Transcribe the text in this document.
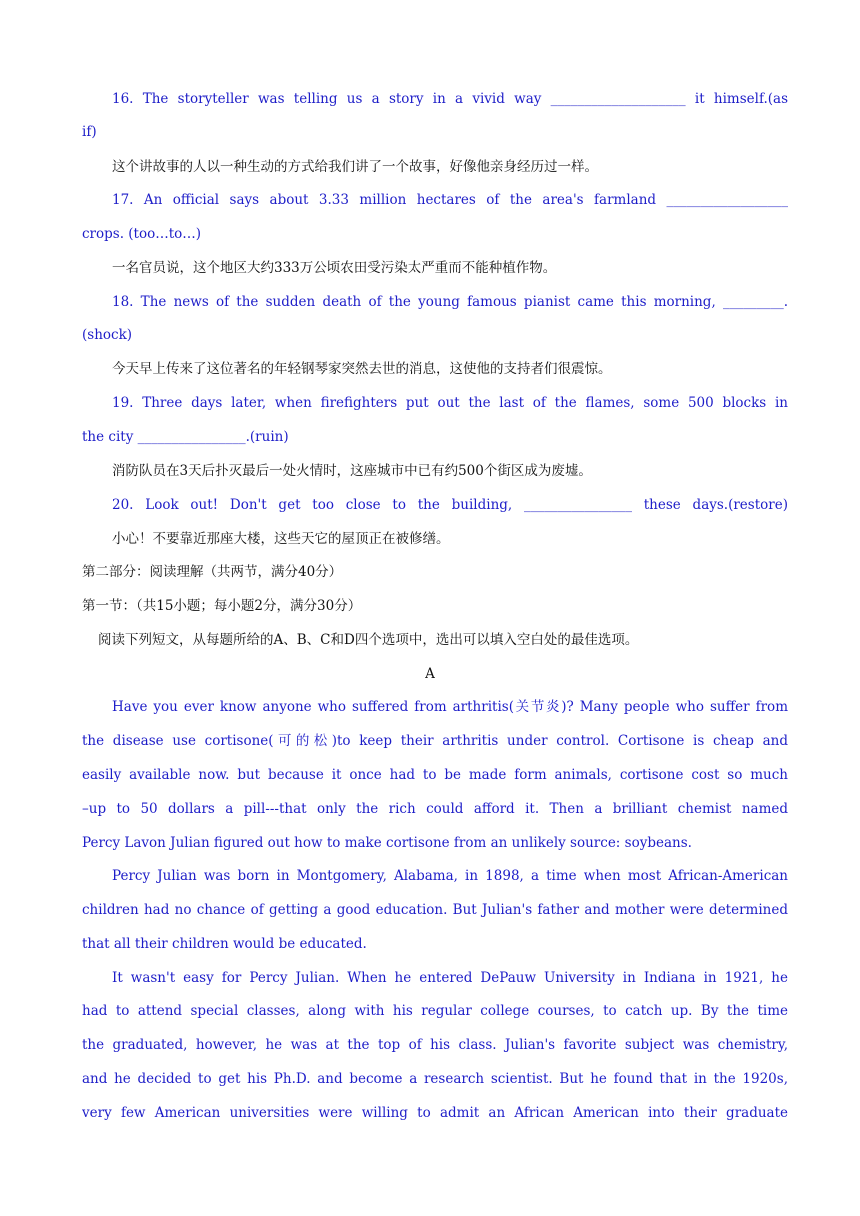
16. The storyteller was telling us a story in a vivid way ____________________ it himself.(as
if)
这个讲故事的人以一种生动的方式给我们讲了一个故事，好像他亲身经历过一样。
17. An official says about 3.33 million hectares of the area's farmland __________________
crops. (too…to…)
一名官员说，这个地区大约333万公顷农田受污染太严重而不能种植作物。
18. The news of the sudden death of the young famous pianist came this morning, _________.
(shock)
今天早上传来了这位著名的年轻钢琴家突然去世的消息，这使他的支持者们很震惊。
19. Three days later, when firefighters put out the last of the flames, some 500 blocks in
the city ________________.(ruin)
消防队员在3天后扑灭最后一处火情时，这座城市中已有约500个街区成为废墟。
20. Look out! Don't get too close to the building, ________________ these days.(restore)
小心！不要靠近那座大楼，这些天它的屋顶正在被修缮。
第二部分：阅读理解（共两节，满分40分）
第一节：（共15小题；每小题2分，满分30分）
阅读下列短文，从每题所给的A、B、C和D四个选项中，选出可以填入空白处的最佳选项。
A
Have you ever know anyone who suffered from arthritis(关节炎)? Many people who suffer from
the disease use cortisone(可的松)to keep their arthritis under control. Cortisone is cheap and
easily available now. but because it once had to be made form animals, cortisone cost so much
–up to 50 dollars a pill---that only the rich could afford it. Then a brilliant chemist named
Percy Lavon Julian figured out how to make cortisone from an unlikely source: soybeans.
Percy Julian was born in Montgomery, Alabama, in 1898, a time when most African-American
children had no chance of getting a good education. But Julian's father and mother were determined
that all their children would be educated.
It wasn't easy for Percy Julian. When he entered DePauw University in Indiana in 1921, he
had to attend special classes, along with his regular college courses, to catch up. By the time
the graduated, however, he was at the top of his class. Julian's favorite subject was chemistry,
and he decided to get his Ph.D. and become a research scientist. But he found that in the 1920s,
very few American universities were willing to admit an African American into their graduate
